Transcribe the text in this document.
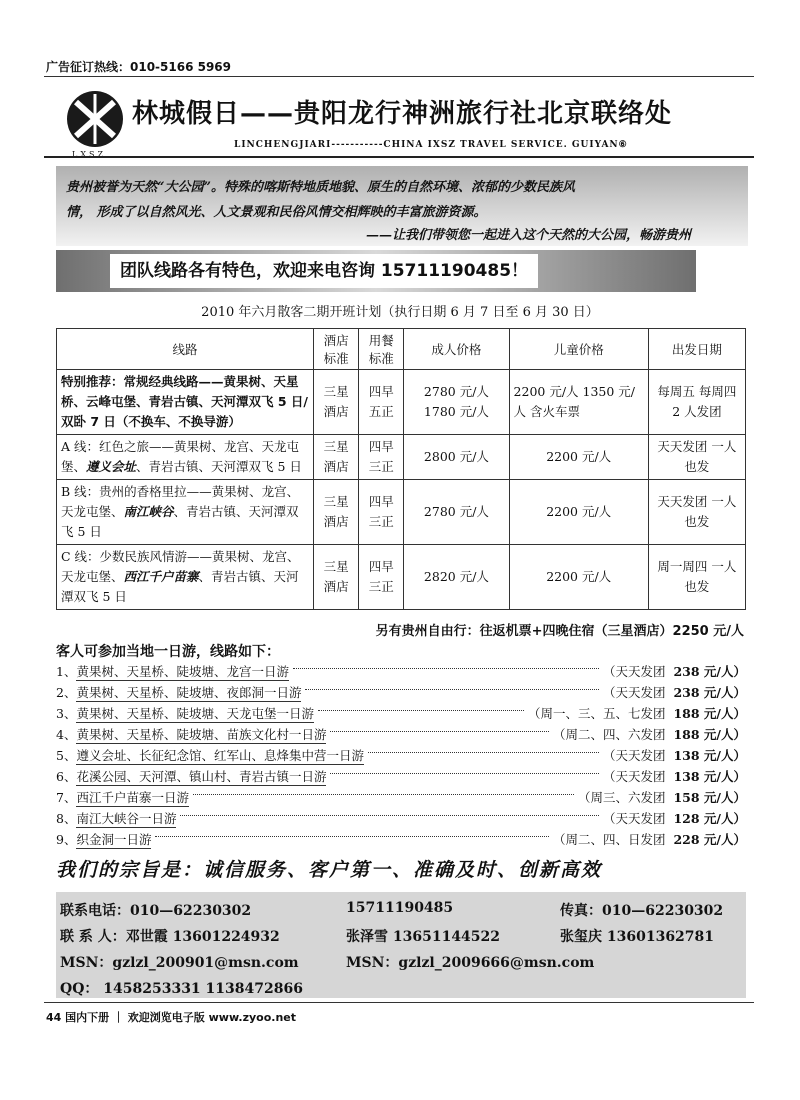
广告征订热线：010-5166 5969
LXSZ
林城假日——贵阳龙行神洲旅行社北京联络处
LINCHENGJIARI-----------CHINA IXSZ TRAVEL SERVICE. GUIYAN⑥

贵州被誉为天然“大公园”。特殊的喀斯特地质地貌、原生的自然环境、浓郁的少数民族风

情， 形成了以自然风光、人文景观和民俗风情交相辉映的丰富旅游资源。

——让我们带领您一起进入这个天然的大公园，畅游贵州

团队线路各有特色，欢迎来电咨询 15711190485！
2010 年六月散客二期开班计划（执行日期 6 月 7 日至 6 月 30 日）
线路	酒店标准	用餐标准	成人价格	儿童价格	出发日期
特别推荐：常规经典线路——黄果树、天星桥、云峰屯堡、青岩古镇、天河潭双飞 5 日/双卧 7 日（不换车、不换导游）	三星酒店	四早五正	2780 元/人 1780 元/人	2200 元/人 1350 元/人 含火车票	每周五 每周四 2 人发团
A 线：红色之旅——黄果树、龙宫、天龙屯堡、遵义会址、青岩古镇、天河潭双飞 5 日	三星酒店	四早三正	2800 元/人	2200 元/人	天天发团 一人也发
B 线：贵州的香格里拉——黄果树、龙宫、天龙屯堡、南江峡谷、青岩古镇、天河潭双飞 5 日	三星酒店	四早三正	2780 元/人	2200 元/人	天天发团 一人也发
C 线：少数民族风情游——黄果树、龙宫、天龙屯堡、西江千户苗寨、青岩古镇、天河潭双飞 5 日	三星酒店	四早三正	2820 元/人	2200 元/人	周一周四 一人也发
另有贵州自由行：往返机票+四晚住宿（三星酒店）2250 元/人
客人可参加当地一日游，线路如下：
1、 黄果树、天星桥、陡坡塘、龙宫一日游	（天天发团 238 元/人）
2、 黄果树、天星桥、陡坡塘、夜郎洞一日游	（天天发团 238 元/人）
3、 黄果树、天星桥、陡坡塘、天龙屯堡一日游	（周一、三、五、七发团 188 元/人）
4、 黄果树、天星桥、陡坡塘、苗族文化村一日游	（周二、四、六发团 188 元/人）
5、 遵义会址、长征纪念馆、红军山、息烽集中营一日游	（天天发团 138 元/人）
6、 花溪公园、天河潭、镇山村、青岩古镇一日游	（天天发团 138 元/人）
7、 西江千户苗寨一日游	（周三、六发团 158 元/人）
8、 南江大峡谷一日游	（天天发团 128 元/人）
9、 织金洞一日游	（周二、四、日发团 228 元/人）
我们的宗旨是：诚信服务、客户第一、准确及时、创新高效
联系电话：010—62230302	15711190485	传真：010—62230302
联 系 人：邓世霞 13601224932	张泽雪 13651144522	张玺庆 13601362781
MSN：gzlzl_200901@msn.com	MSN：gzlzl_2009666@msn.com
QQ： 1458253331 1138472866
44 国内下册 ｜ 欢迎浏览电子版 www.zyoo.net
